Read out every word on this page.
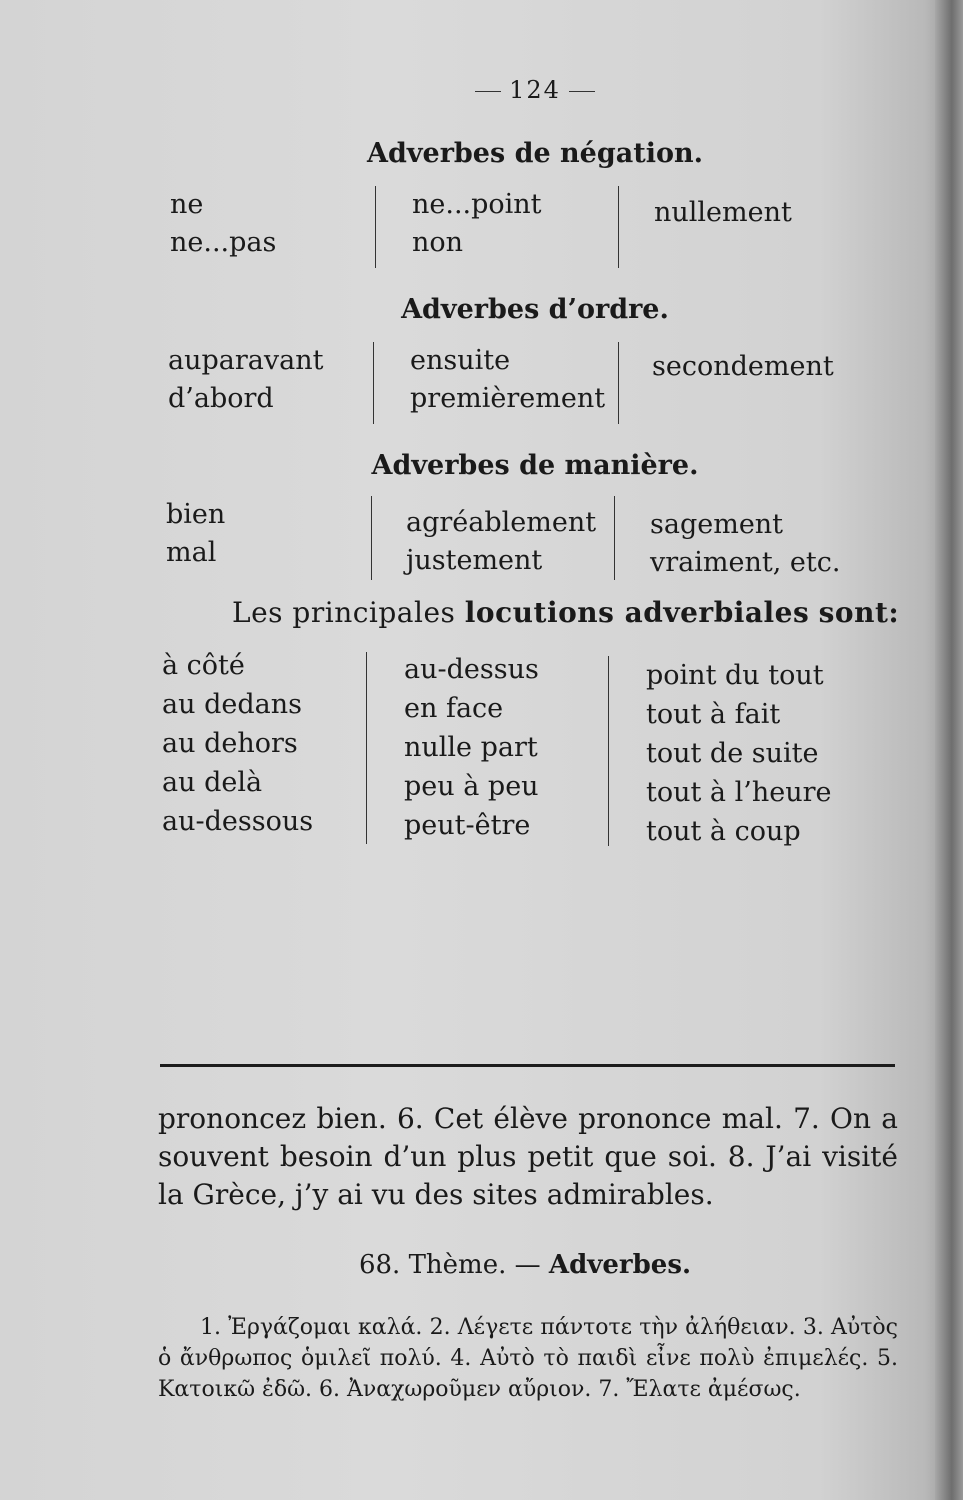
124
Adverbes de négation.
ne
ne...pas
ne...point
non
nullement
Adverbes d’ordre.
auparavant
d’abord
ensuite
premièrement
secondement
Adverbes de manière.
bien
mal
agréablement
justement
sagement
vraiment, etc.
Les principales locutions adverbiales sont:
à côté
au dedans
au dehors
au delà
au-dessous
au-dessus
en face
nulle part
peu à peu
peut-être
point du tout
tout à fait
tout de suite
tout à l’heure
tout à coup
prononcez bien. 6. Cet élève prononce mal. 7. On a souvent besoin d’un plus petit que soi. 8. J’ai visité la Grèce, j’y ai vu des sites admirables.
68. Thème. — Adverbes.
1. Ἐργάζομαι καλά. 2. Λέγετε πάντοτε τὴν ἀλήθειαν. 3. Αὐτὸς ὁ ἄνθρωπος ὁμιλεῖ πολύ. 4. Αὐτὸ τὸ παιδὶ εἶνε πολὺ ἐπιμελές. 5. Κατοικῶ ἐδῶ. 6. Ἀναχωροῦμεν αὔριον. 7. Ἔλατε ἀμέσως.
